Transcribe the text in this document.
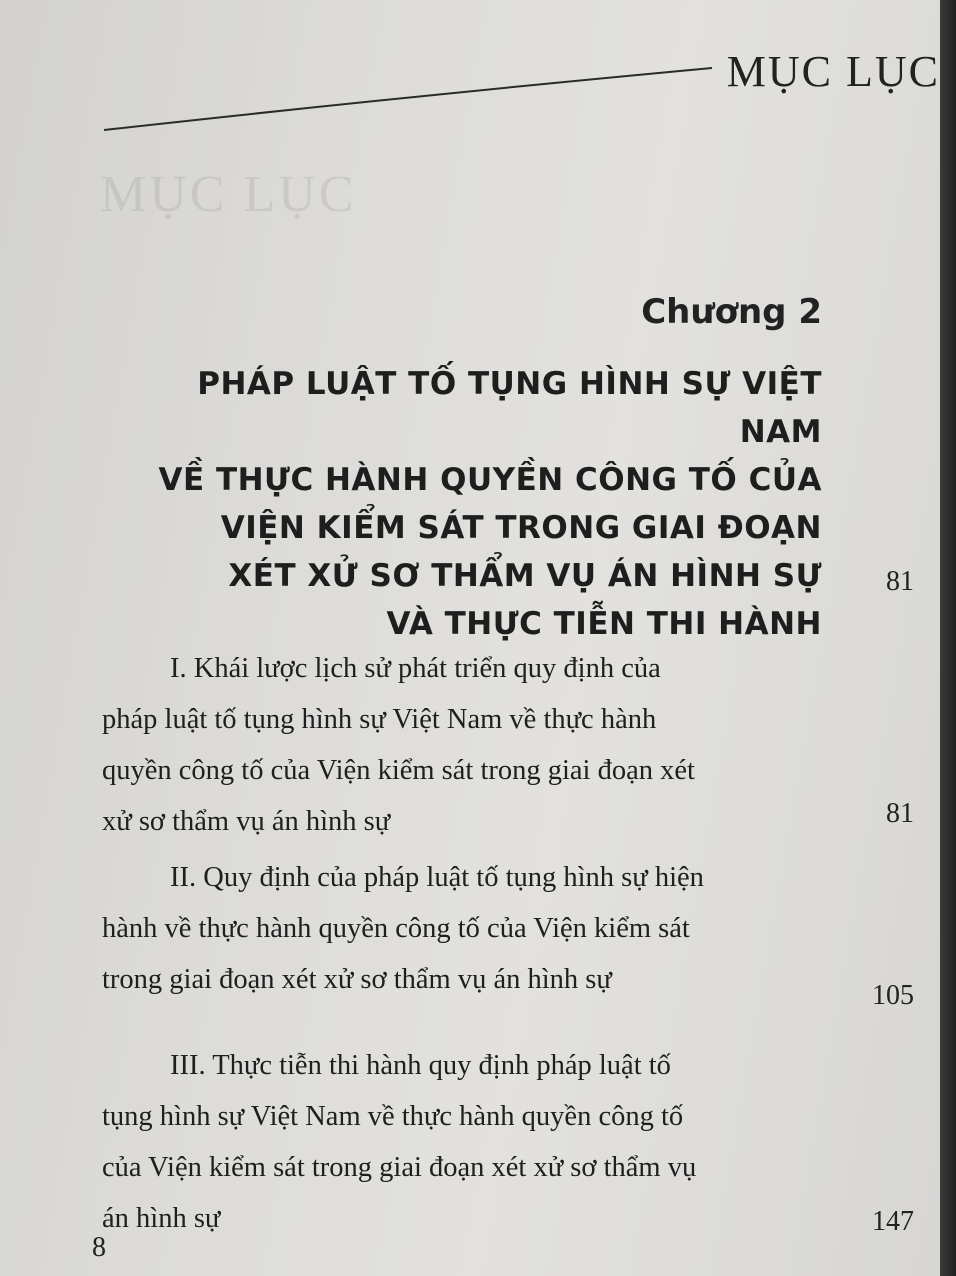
MỤC LỤC
MỤC LỤC
Chương 2
PHÁP LUẬT TỐ TỤNG HÌNH SỰ VIỆT NAM
VỀ THỰC HÀNH QUYỀN CÔNG TỐ CỦA
VIỆN KIỂM SÁT TRONG GIAI ĐOẠN
XÉT XỬ SƠ THẨM VỤ ÁN HÌNH SỰ
VÀ THỰC TIỄN THI HÀNH
81
I. Khái lược lịch sử phát triển quy định của
pháp luật tố tụng hình sự Việt Nam về thực hành
quyền công tố của Viện kiểm sát trong giai đoạn xét
xử sơ thẩm vụ án hình sự	81
II. Quy định của pháp luật tố tụng hình sự hiện
hành về thực hành quyền công tố của Viện kiểm sát
trong giai đoạn xét xử sơ thẩm vụ án hình sự
105
III. Thực tiễn thi hành quy định pháp luật tố
tụng hình sự Việt Nam về thực hành quyền công tố
của Viện kiểm sát trong giai đoạn xét xử sơ thẩm vụ
án hình sự	147
8
